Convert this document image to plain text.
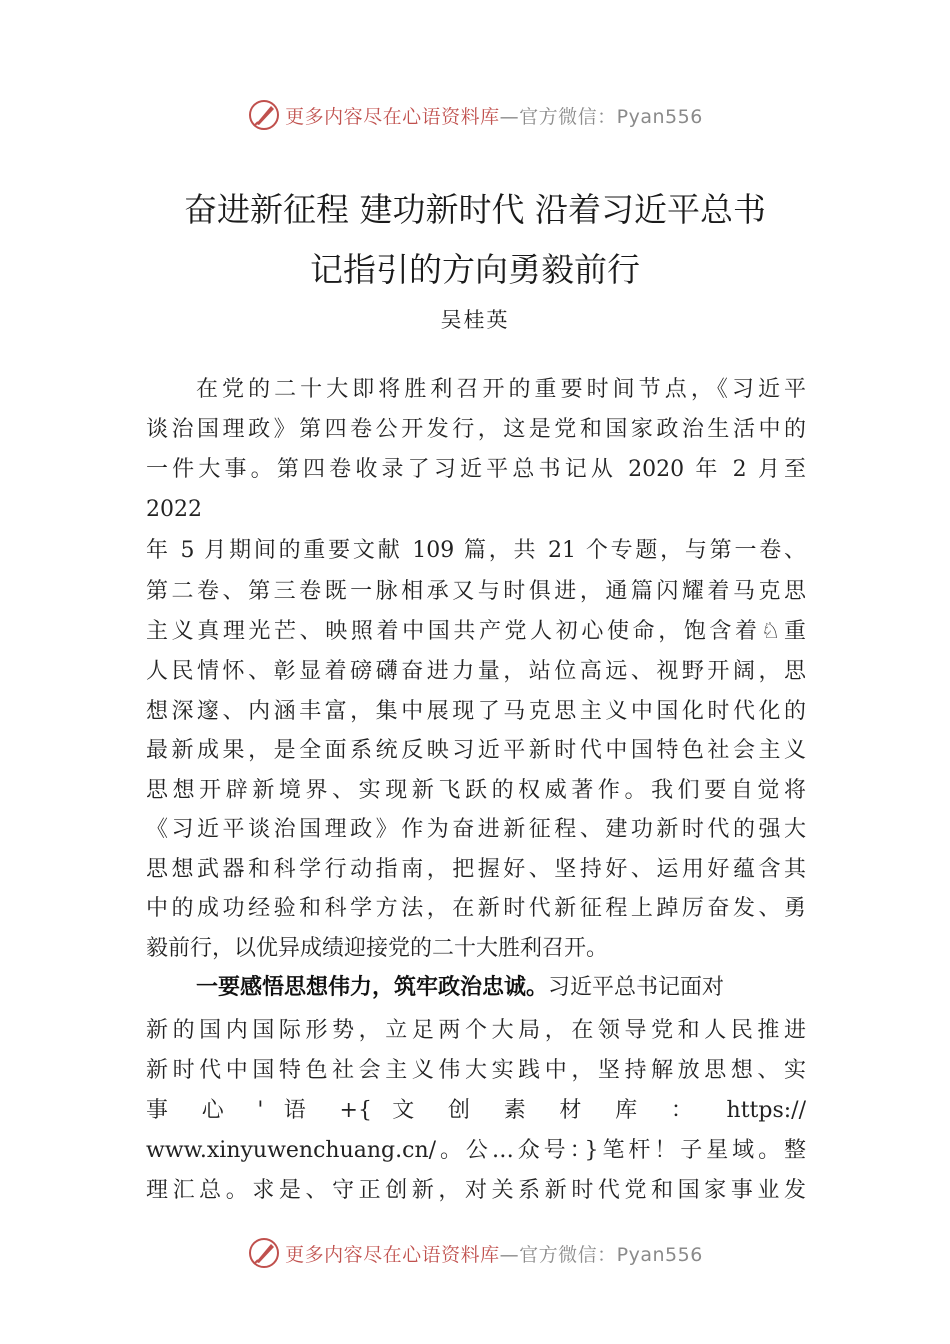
更多内容尽在心语资料库 —官方微信：Pyan556
奋进新征程 建功新时代 沿着习近平总书
记指引的方向勇毅前行
吴桂英
在党的二十大即将胜利召开的重要时间节点，《习近平
谈治国理政》第四卷公开发行，这是党和国家政治生活中的
一件大事。第四卷收录了习近平总书记从 2020 年 2 月至
2022
年 5 月期间的重要文献 109 篇，共 21 个专题，与第一卷、
第二卷、第三卷既一脉相承又与时俱进，通篇闪耀着马克思
主义真理光芒、映照着中国共产党人初心使命，饱含着♘重
人民情怀、彰显着磅礴奋进力量，站位高远、视野开阔，思
想深邃、内涵丰富，集中展现了马克思主义中国化时代化的
最新成果，是全面系统反映习近平新时代中国特色社会主义
思想开辟新境界、实现新飞跃的权威著作。我们要自觉将
《习近平谈治国理政》作为奋进新征程、建功新时代的强大
思想武器和科学行动指南，把握好、坚持好、运用好蕴含其
中的成功经验和科学方法，在新时代新征程上踔厉奋发、勇
毅前行，以优异成绩迎接党的二十大胜利召开。
一要感悟思想伟力，筑牢政治忠诚。习近平总书记面对
新的国内国际形势，立足两个大局，在领导党和人民推进
新时代中国特色社会主义伟大实践中，坚持解放思想、实
事 心 ' 语 +{ 文 创 素 材 库 ： https://
www.xinyuwenchuang.cn/。公…众号：}笔杆！子星域。整
理汇总。求是、守正创新，对关系新时代党和国家事业发
更多内容尽在心语资料库 —官方微信：Pyan556
